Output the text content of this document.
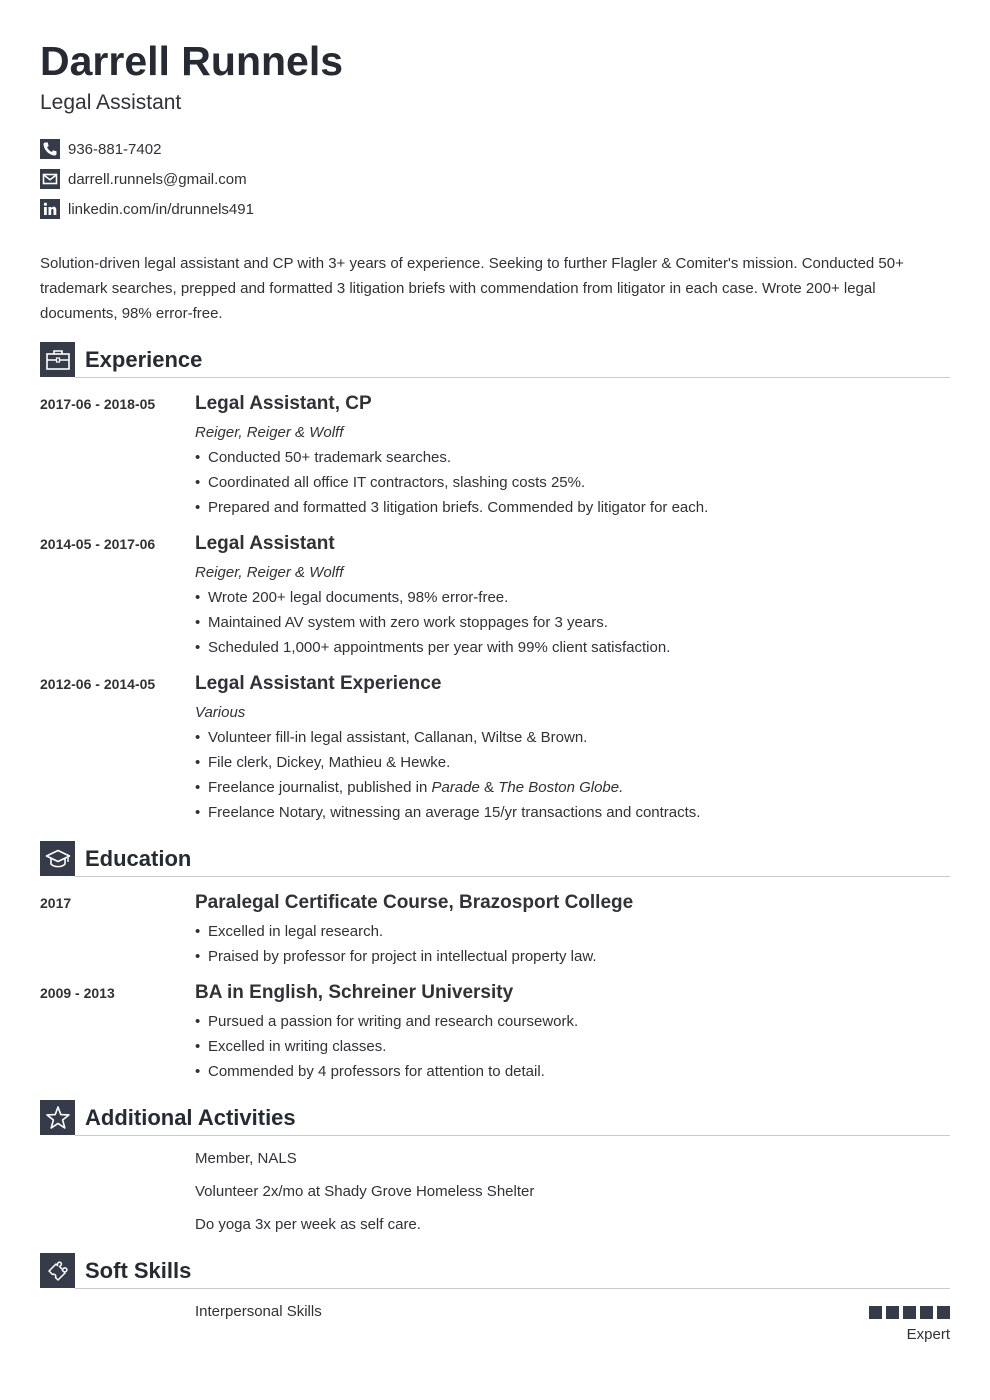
Darrell Runnels
Legal Assistant
936-881-7402
darrell.runnels@gmail.com
linkedin.com/in/drunnels491
Solution-driven legal assistant and CP with 3+ years of experience. Seeking to further Flagler & Comiter's mission. Conducted 50+ trademark searches, prepped and formatted 3 litigation briefs with commendation from litigator in each case. Wrote 200+ legal documents, 98% error-free.
Experience
2017-06 - 2018-05 Legal Assistant, CP
Reiger, Reiger & Wolff
• Conducted 50+ trademark searches.
• Coordinated all office IT contractors, slashing costs 25%.
• Prepared and formatted 3 litigation briefs. Commended by litigator for each.
2014-05 - 2017-06 Legal Assistant
Reiger, Reiger & Wolff
• Wrote 200+ legal documents, 98% error-free.
• Maintained AV system with zero work stoppages for 3 years.
• Scheduled 1,000+ appointments per year with 99% client satisfaction.
2012-06 - 2014-05 Legal Assistant Experience
Various
• Volunteer fill-in legal assistant, Callanan, Wiltse & Brown.
• File clerk, Dickey, Mathieu & Hewke.
• Freelance journalist, published in Parade & The Boston Globe.
• Freelance Notary, witnessing an average 15/yr transactions and contracts.
Education
2017	Paralegal Certificate Course, Brazosport College
• Excelled in legal research.
• Praised by professor for project in intellectual property law.
2009 - 2013	BA in English, Schreiner University
• Pursued a passion for writing and research coursework.
• Excelled in writing classes.
• Commended by 4 professors for attention to detail.
Additional Activities
Member, NALS
Volunteer 2x/mo at Shady Grove Homeless Shelter
Do yoga 3x per week as self care.
Soft Skills
Interpersonal Skills
Expert
